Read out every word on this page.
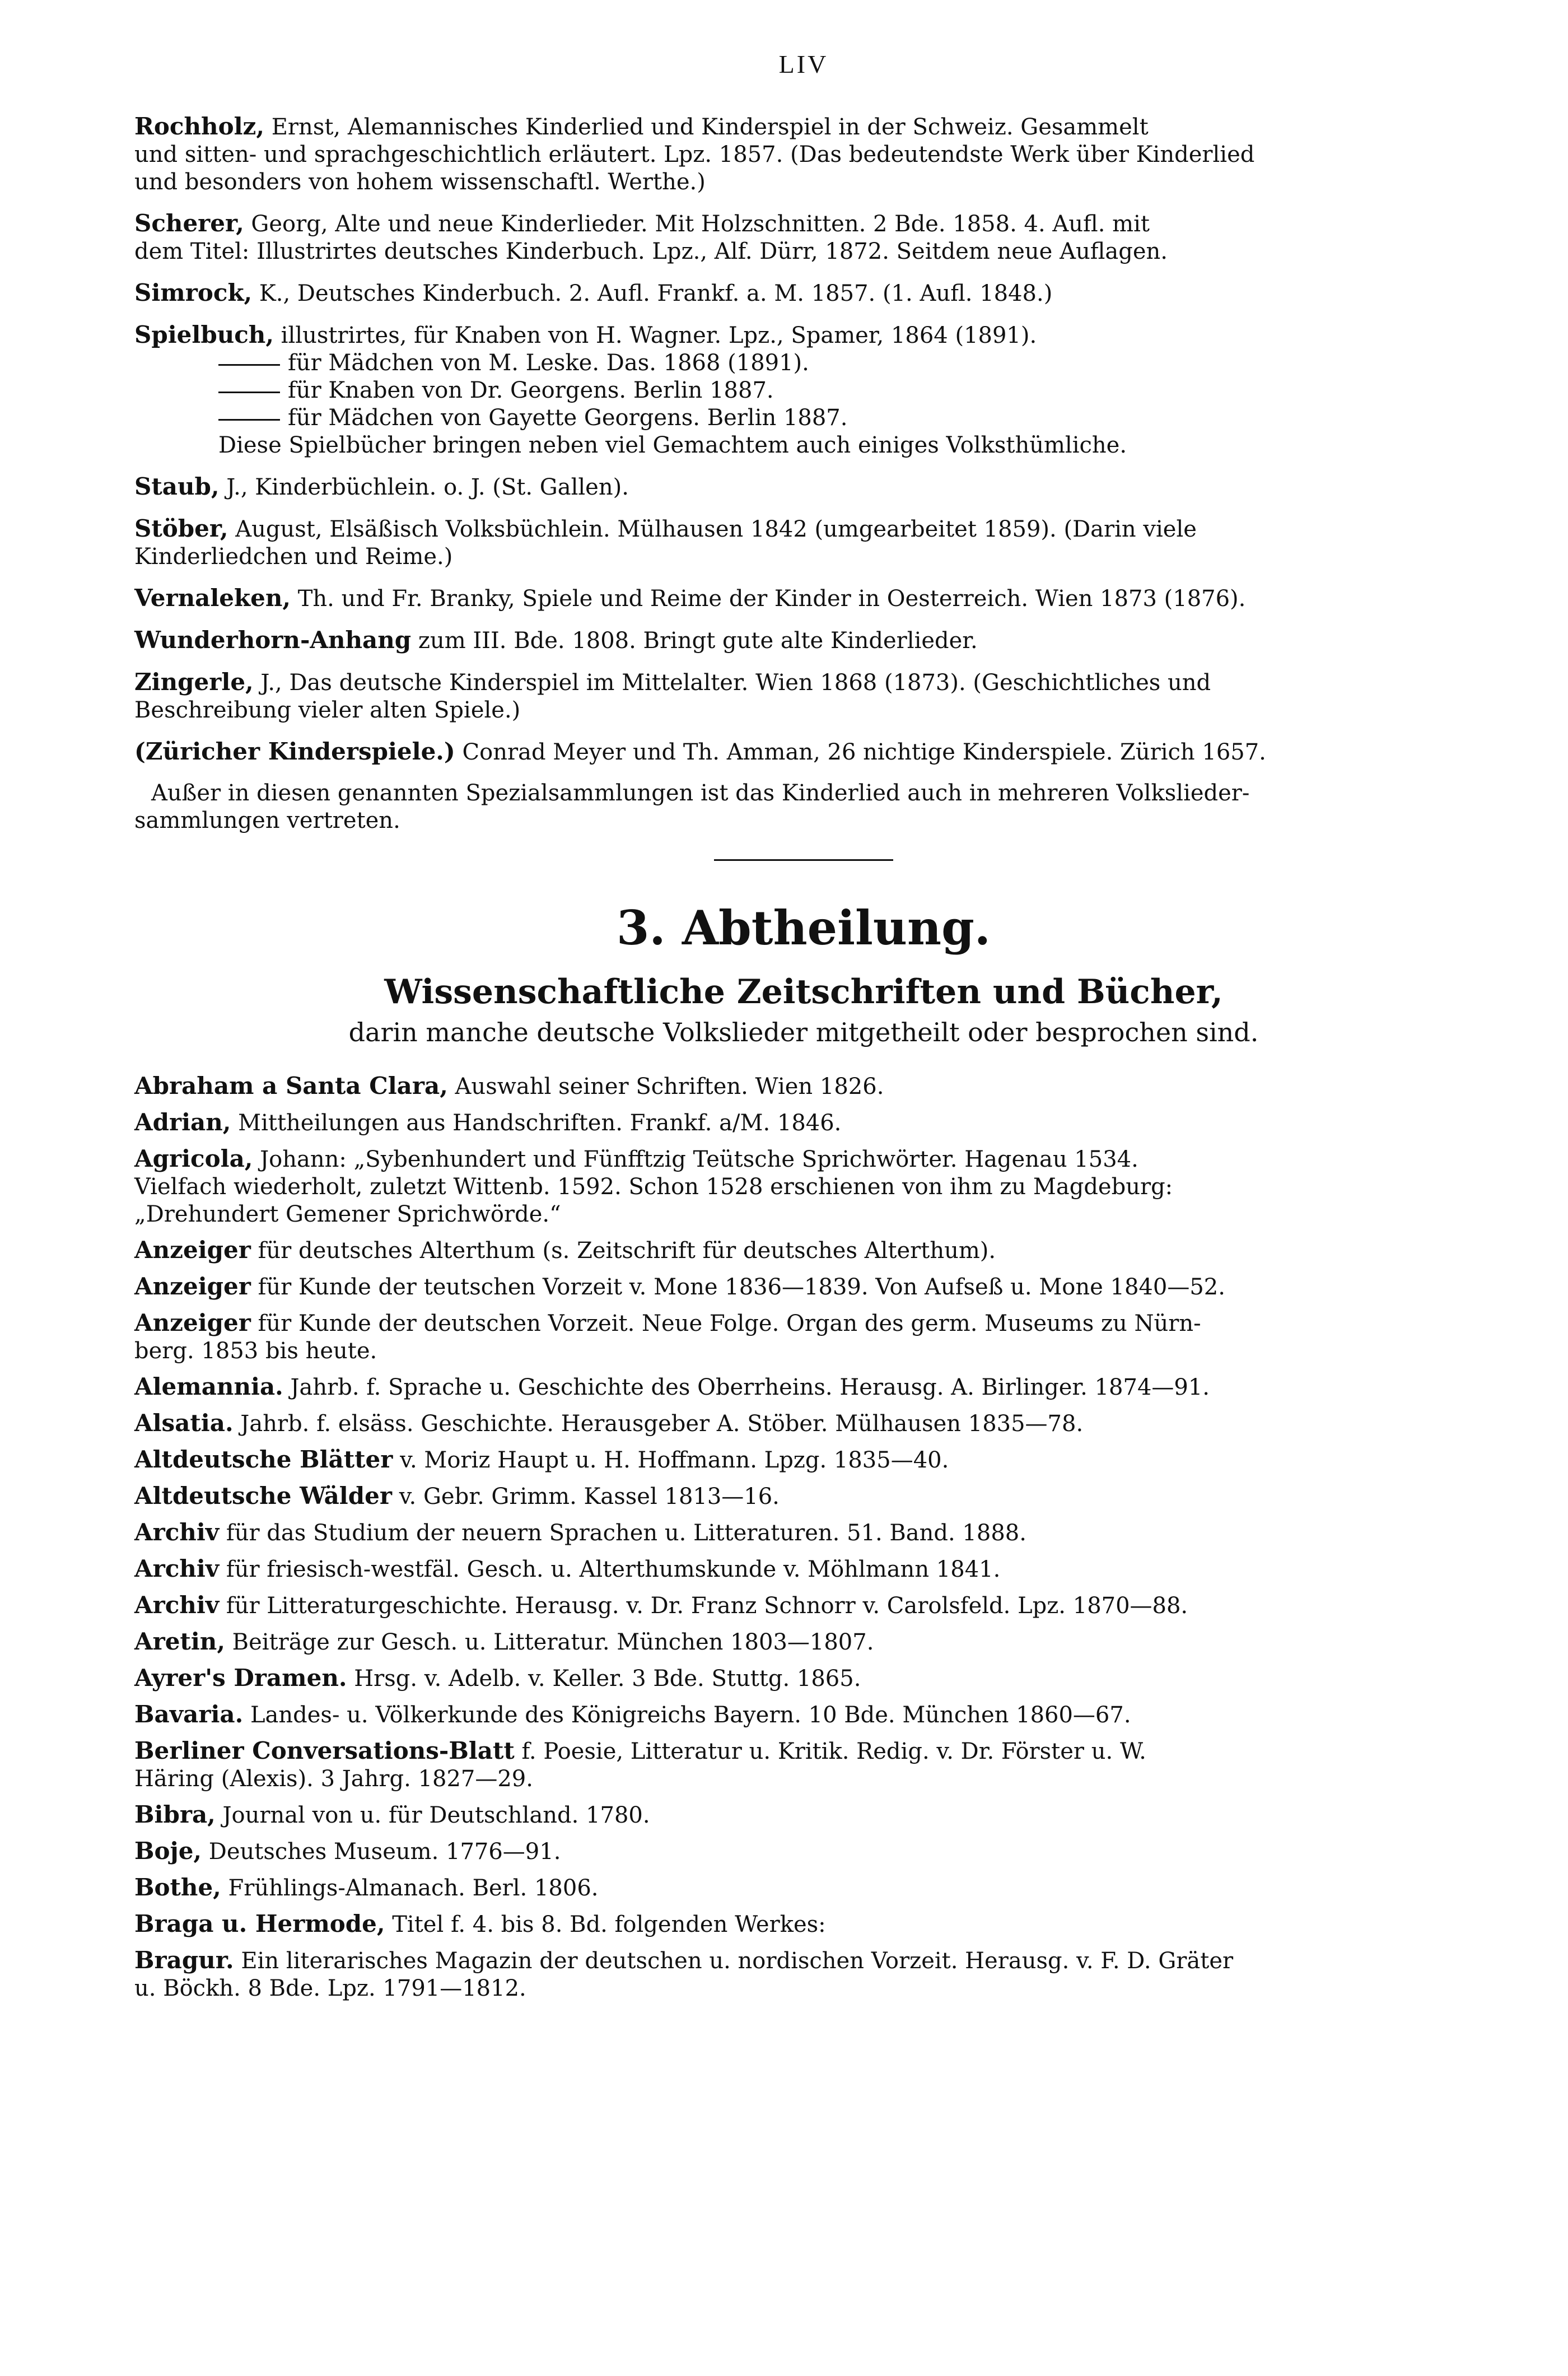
LIV
Rochholz, Ernst, Alemannisches Kinderlied und Kinderspiel in der Schweiz. Gesammelt
und sitten- und sprachgeschichtlich erläutert. Lpz. 1857. (Das bedeutendste Werk über Kinderlied
und besonders von hohem wissenschaftl. Werthe.)
Scherer, Georg, Alte und neue Kinderlieder. Mit Holzschnitten. 2 Bde. 1858. 4. Aufl. mit
dem Titel: Illustrirtes deutsches Kinderbuch. Lpz., Alf. Dürr, 1872. Seitdem neue Auflagen.
Simrock, K., Deutsches Kinderbuch. 2. Aufl. Frankf. a. M. 1857. (1. Aufl. 1848.)
Spielbuch, illustrirtes, für Knaben von H. Wagner. Lpz., Spamer, 1864 (1891).
für Mädchen von M. Leske. Das. 1868 (1891).
für Knaben von Dr. Georgens. Berlin 1887.
für Mädchen von Gayette Georgens. Berlin 1887.
Diese Spielbücher bringen neben viel Gemachtem auch einiges Volksthümliche.
Staub, J., Kinderbüchlein. o. J. (St. Gallen).
Stöber, August, Elsäßisch Volksbüchlein. Mülhausen 1842 (umgearbeitet 1859). (Darin viele
Kinderliedchen und Reime.)
Vernaleken, Th. und Fr. Branky, Spiele und Reime der Kinder in Oesterreich. Wien 1873 (1876).
Wunderhorn-Anhang zum III. Bde. 1808. Bringt gute alte Kinderlieder.
Zingerle, J., Das deutsche Kinderspiel im Mittelalter. Wien 1868 (1873). (Geschichtliches und
Beschreibung vieler alten Spiele.)
(Züricher Kinderspiele.) Conrad Meyer und Th. Amman, 26 nichtige Kinderspiele. Zürich 1657.
Außer in diesen genannten Spezialsammlungen ist das Kinderlied auch in mehreren Volkslieder-
sammlungen vertreten.
3. Abtheilung.
Wissenschaftliche Zeitschriften und Bücher,
darin manche deutsche Volkslieder mitgetheilt oder besprochen sind.
Abraham a Santa Clara, Auswahl seiner Schriften. Wien 1826.
Adrian, Mittheilungen aus Handschriften. Frankf. a/M. 1846.
Agricola, Johann: „Sybenhundert und Fünfftzig Teütsche Sprichwörter. Hagenau 1534.
Vielfach wiederholt, zuletzt Wittenb. 1592. Schon 1528 erschienen von ihm zu Magdeburg:
„Drehundert Gemener Sprichwörde.“
Anzeiger für deutsches Alterthum (s. Zeitschrift für deutsches Alterthum).
Anzeiger für Kunde der teutschen Vorzeit v. Mone 1836—1839. Von Aufseß u. Mone 1840—52.
Anzeiger für Kunde der deutschen Vorzeit. Neue Folge. Organ des germ. Museums zu Nürn-
berg. 1853 bis heute.
Alemannia. Jahrb. f. Sprache u. Geschichte des Oberrheins. Herausg. A. Birlinger. 1874—91.
Alsatia. Jahrb. f. elsäss. Geschichte. Herausgeber A. Stöber. Mülhausen 1835—78.
Altdeutsche Blätter v. Moriz Haupt u. H. Hoffmann. Lpzg. 1835—40.
Altdeutsche Wälder v. Gebr. Grimm. Kassel 1813—16.
Archiv für das Studium der neuern Sprachen u. Litteraturen. 51. Band. 1888.
Archiv für friesisch-westfäl. Gesch. u. Alterthumskunde v. Möhlmann 1841.
Archiv für Litteraturgeschichte. Herausg. v. Dr. Franz Schnorr v. Carolsfeld. Lpz. 1870—88.
Aretin, Beiträge zur Gesch. u. Litteratur. München 1803—1807.
Ayrer's Dramen. Hrsg. v. Adelb. v. Keller. 3 Bde. Stuttg. 1865.
Bavaria. Landes- u. Völkerkunde des Königreichs Bayern. 10 Bde. München 1860—67.
Berliner Conversations-Blatt f. Poesie, Litteratur u. Kritik. Redig. v. Dr. Förster u. W.
Häring (Alexis). 3 Jahrg. 1827—29.
Bibra, Journal von u. für Deutschland. 1780.
Boje, Deutsches Museum. 1776—91.
Bothe, Frühlings-Almanach. Berl. 1806.
Braga u. Hermode, Titel f. 4. bis 8. Bd. folgenden Werkes:
Bragur. Ein literarisches Magazin der deutschen u. nordischen Vorzeit. Herausg. v. F. D. Gräter
u. Böckh. 8 Bde. Lpz. 1791—1812.
